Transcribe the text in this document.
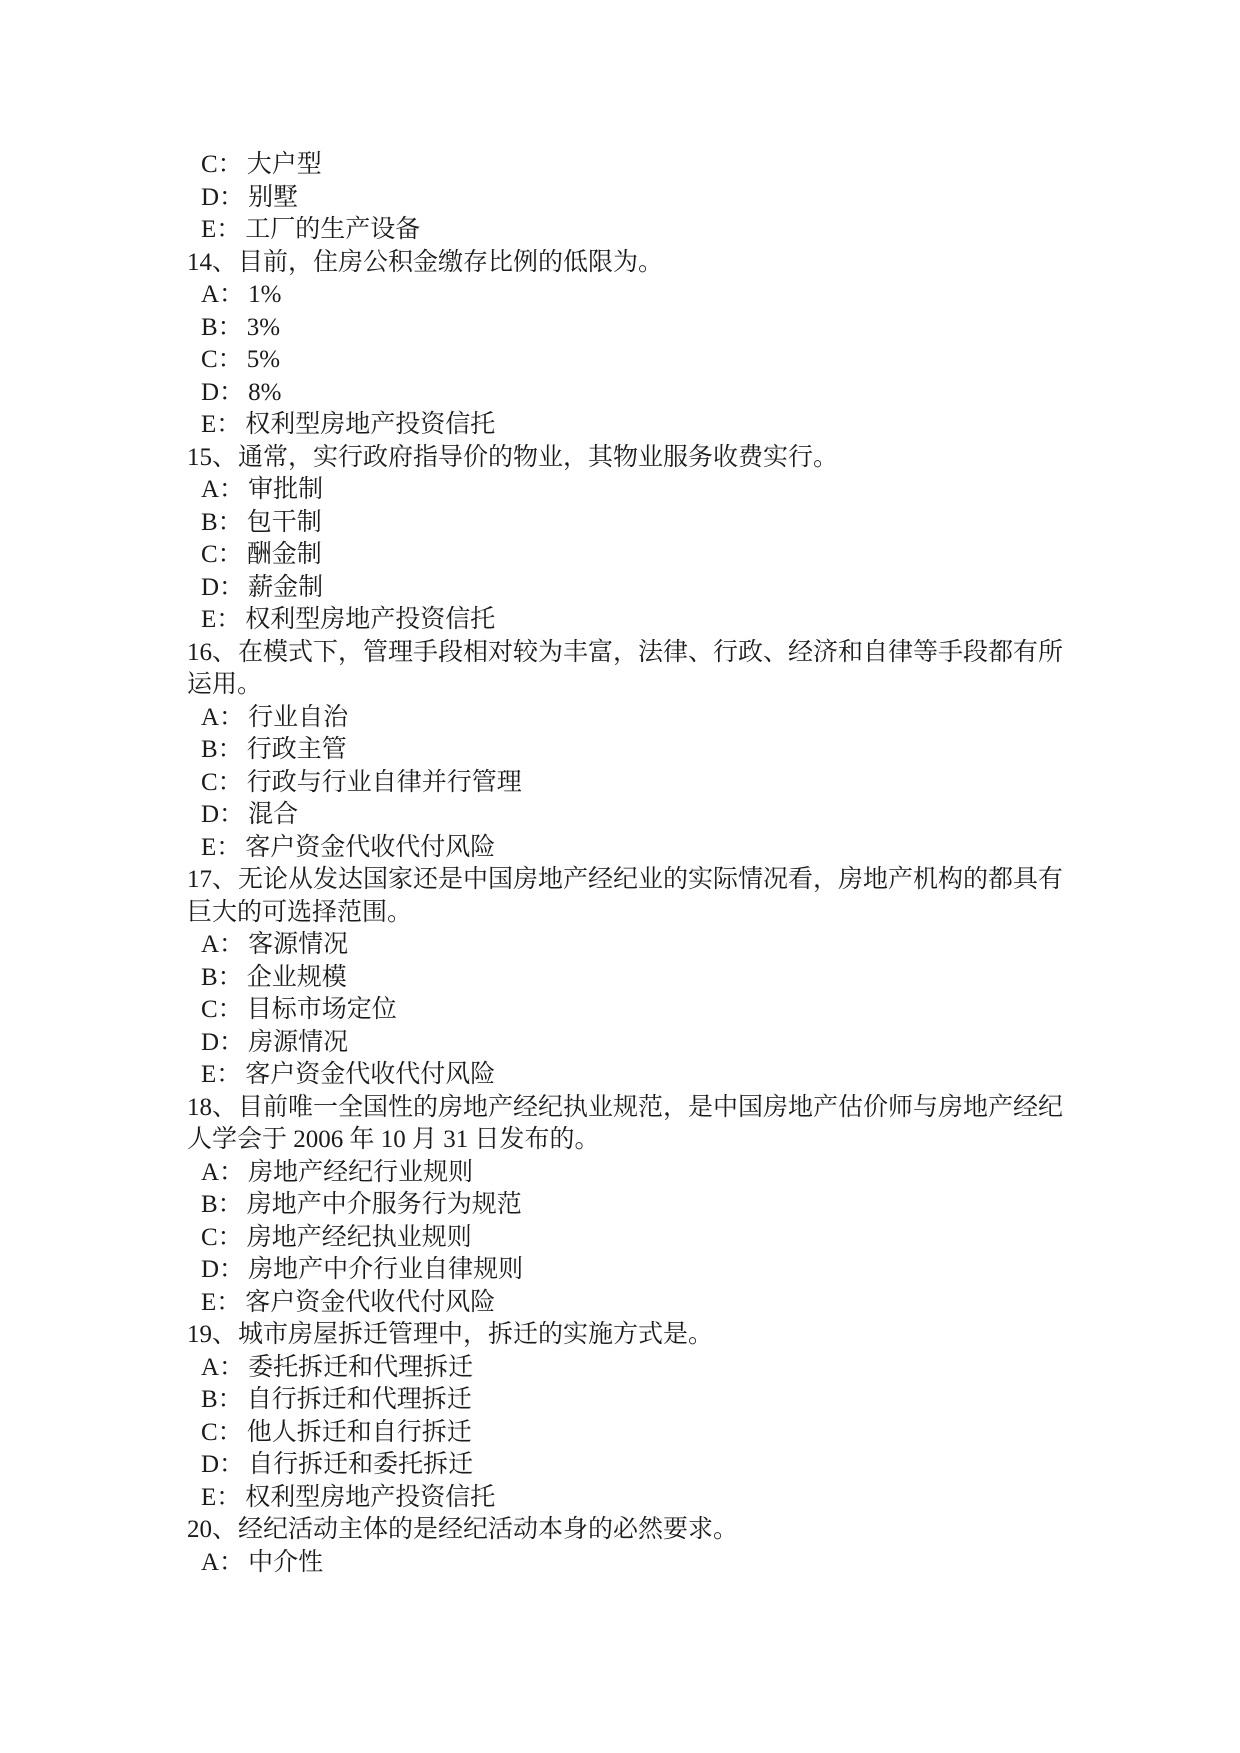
C： 大户型
D： 别墅
E： 工厂的生产设备
14、目前，住房公积金缴存比例的低限为。
A： 1%
B： 3%
C： 5%
D： 8%
E： 权利型房地产投资信托
15、通常，实行政府指导价的物业，其物业服务收费实行。
A： 审批制
B： 包干制
C： 酬金制
D： 薪金制
E： 权利型房地产投资信托
16、在模式下，管理手段相对较为丰富，法律、行政、经济和自律等手段都有所
运用。
A： 行业自治
B： 行政主管
C： 行政与行业自律并行管理
D： 混合
E： 客户资金代收代付风险
17、无论从发达国家还是中国房地产经纪业的实际情况看，房地产机构的都具有
巨大的可选择范围。
A： 客源情况
B： 企业规模
C： 目标市场定位
D： 房源情况
E： 客户资金代收代付风险
18、目前唯一全国性的房地产经纪执业规范，是中国房地产估价师与房地产经纪
人学会于 2006 年 10 月 31 日发布的。
A： 房地产经纪行业规则
B： 房地产中介服务行为规范
C： 房地产经纪执业规则
D： 房地产中介行业自律规则
E： 客户资金代收代付风险
19、城市房屋拆迁管理中，拆迁的实施方式是。
A： 委托拆迁和代理拆迁
B： 自行拆迁和代理拆迁
C： 他人拆迁和自行拆迁
D： 自行拆迁和委托拆迁
E： 权利型房地产投资信托
20、经纪活动主体的是经纪活动本身的必然要求。
A： 中介性
